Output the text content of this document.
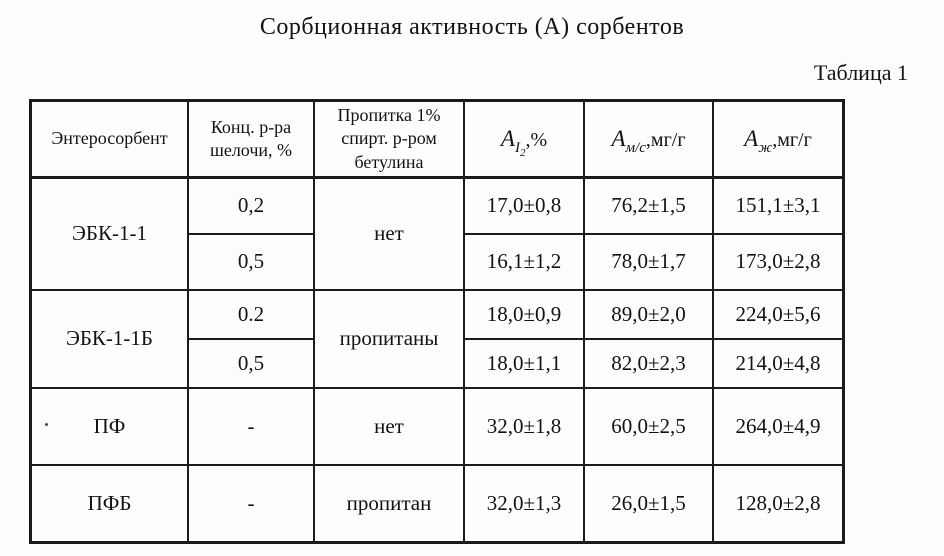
Сорбционная активность (А) сорбентов
Таблица 1
Энтеросорбент	Конц. р-ра шелочи, %	Пропитка 1% спирт. р-ром бетулина	$A_{I_2},\%$	$A_{м/с},мг/г$	$A_ж,мг/г$
ЭБК-1-1	0,2	нет	17,0±0,8	76,2±1,5	151,1±3,1
	0,5		16,1±1,2	78,0±1,7	173,0±2,8
ЭБК-1-1Б	0.2	пропитаны	18,0±0,9	89,0±2,0	224,0±5,6
	0,5		18,0±1,1	82,0±2,3	214,0±4,8
ПФ	-	нет	32,0±1,8	60,0±2,5	264,0±4,9
ПФБ	-	пропитан	32,0±1,3	26,0±1,5	128,0±2,8
